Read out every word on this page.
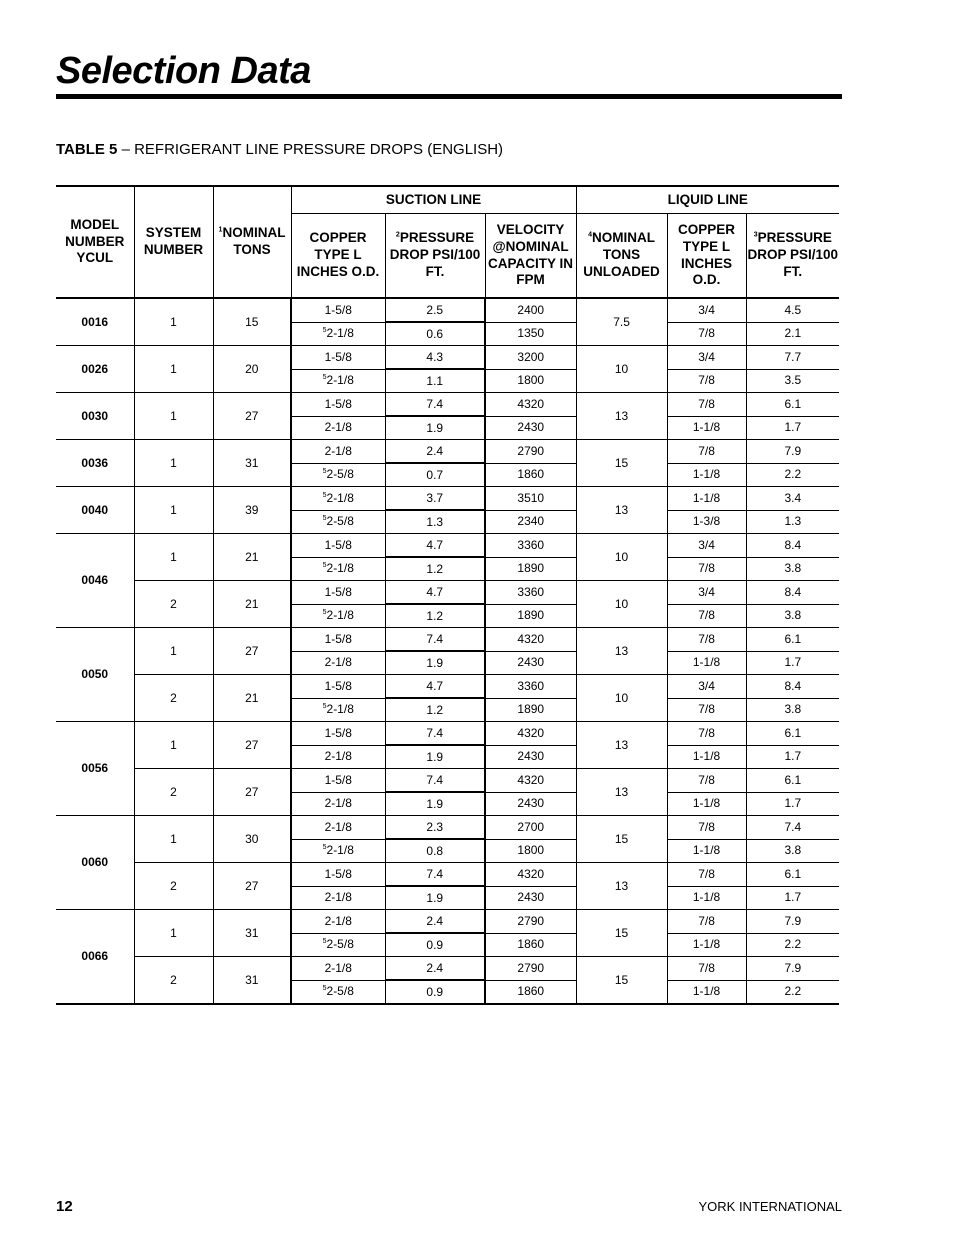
Selection Data
TABLE 5 – REFRIGERANT LINE PRESSURE DROPS (ENGLISH)
MODEL NUMBER YCUL	SYSTEM NUMBER	$^1$NOMINAL TONS	SUCTION LINE			LIQUID LINE		
			COPPER TYPE L INCHES O.D.	$^2$PRESSURE DROP PSI/100 FT.	VELOCITY @NOMINAL CAPACITY IN FPM	$^4$NOMINAL TONS UNLOADED	COPPER TYPE L INCHES O.D.	$^3$PRESSURE DROP PSI/100 FT.
0016	1	15	1-5/8	2.5	2400	7.5	3/4	4.5
			$^5$2-1/8	0.6	1350		7/8	2.1
0026	1	20	1-5/8	4.3	3200	10	3/4	7.7
			$^5$2-1/8	1.1	1800		7/8	3.5
0030	1	27	1-5/8	7.4	4320	13	7/8	6.1
			2-1/8	1.9	2430		1-1/8	1.7
0036	1	31	2-1/8	2.4	2790	15	7/8	7.9
			$^5$2-5/8	0.7	1860		1-1/8	2.2
0040	1	39	$^5$2-1/8	3.7	3510	13	1-1/8	3.4
			$^5$2-5/8	1.3	2340		1-3/8	1.3
0046	1	21	1-5/8	4.7	3360	10	3/4	8.4
			$^5$2-1/8	1.2	1890		7/8	3.8
	2	21	1-5/8	4.7	3360	10	3/4	8.4
			$^5$2-1/8	1.2	1890		7/8	3.8
0050	1	27	1-5/8	7.4	4320	13	7/8	6.1
			2-1/8	1.9	2430		1-1/8	1.7
	2	21	1-5/8	4.7	3360	10	3/4	8.4
			$^5$2-1/8	1.2	1890		7/8	3.8
0056	1	27	1-5/8	7.4	4320	13	7/8	6.1
			2-1/8	1.9	2430		1-1/8	1.7
	2	27	1-5/8	7.4	4320	13	7/8	6.1
			2-1/8	1.9	2430		1-1/8	1.7
0060	1	30	2-1/8	2.3	2700	15	7/8	7.4
			$^5$2-1/8	0.8	1800		1-1/8	3.8
	2	27	1-5/8	7.4	4320	13	7/8	6.1
			2-1/8	1.9	2430		1-1/8	1.7
0066	1	31	2-1/8	2.4	2790	15	7/8	7.9
			$^5$2-5/8	0.9	1860		1-1/8	2.2
	2	31	2-1/8	2.4	2790	15	7/8	7.9
			$^5$2-5/8	0.9	1860		1-1/8	2.2
12	YORK INTERNATIONAL
